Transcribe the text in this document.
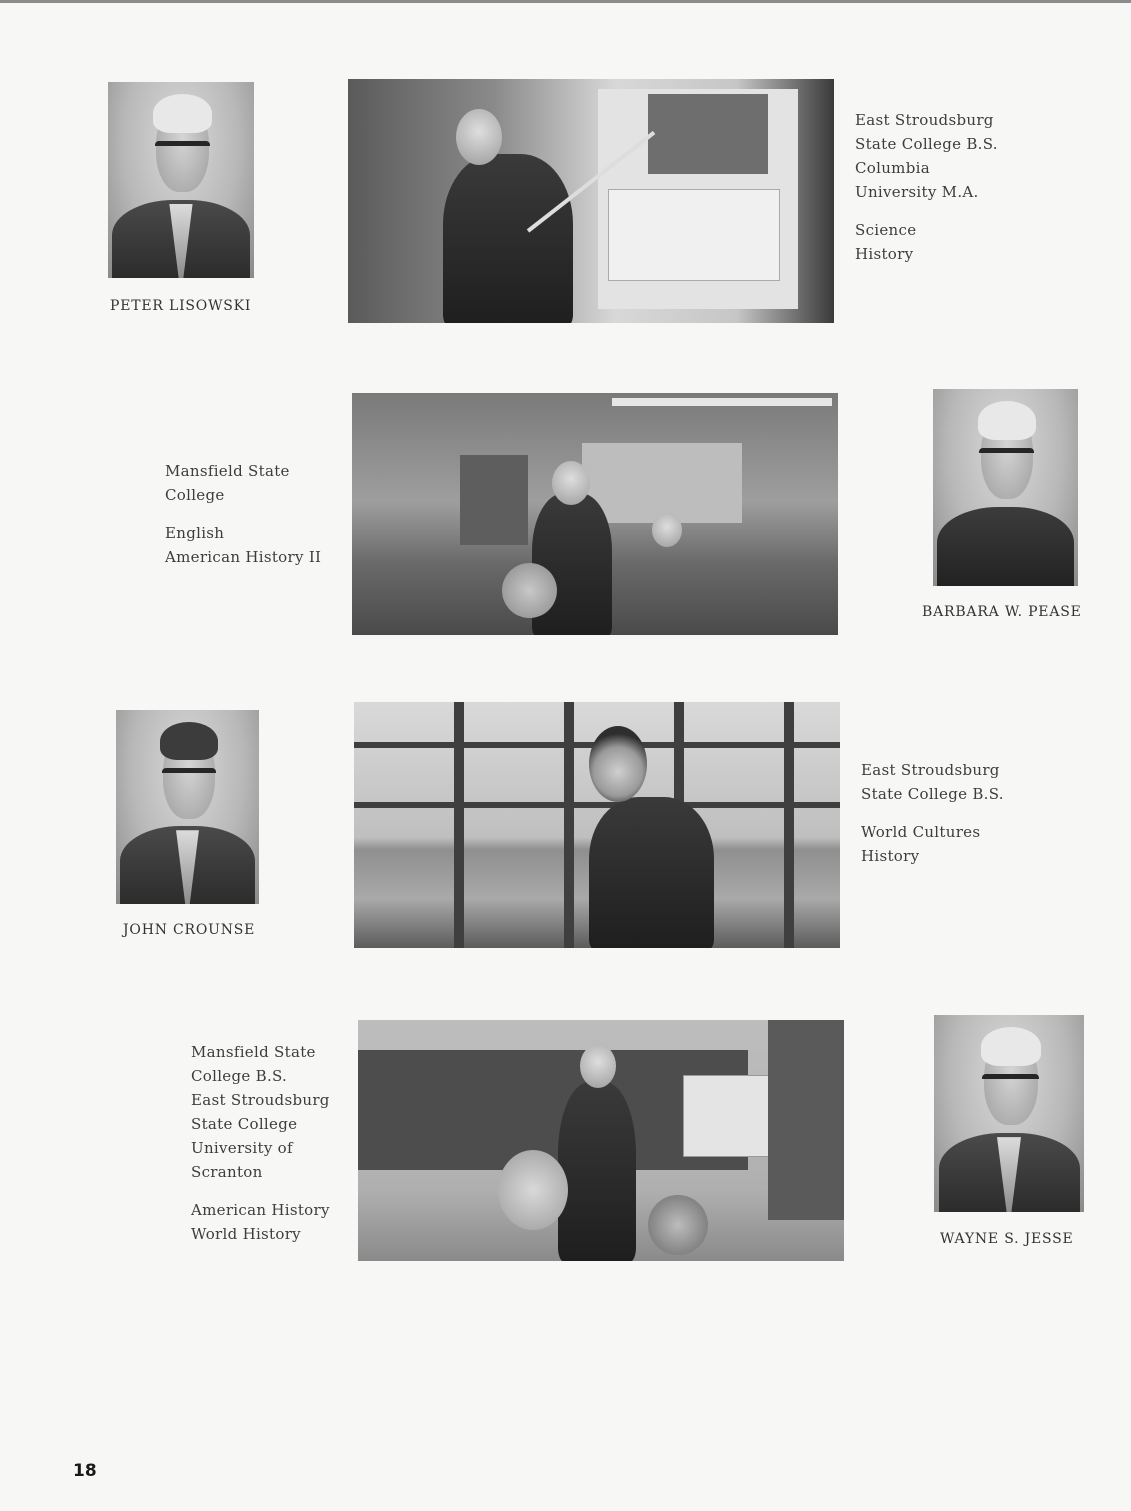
PETER LISOWSKI
East Stroudsburg
State College B.S.
Columbia
University M.A.
Science
History
Mansfield State
College
English
American History II
BARBARA W. PEASE
JOHN CROUNSE
East Stroudsburg
State College B.S.
World Cultures
History
Mansfield State
College B.S.
East Stroudsburg
State College
University of
Scranton
American History
World History	WAYNE S. JESSE
18
